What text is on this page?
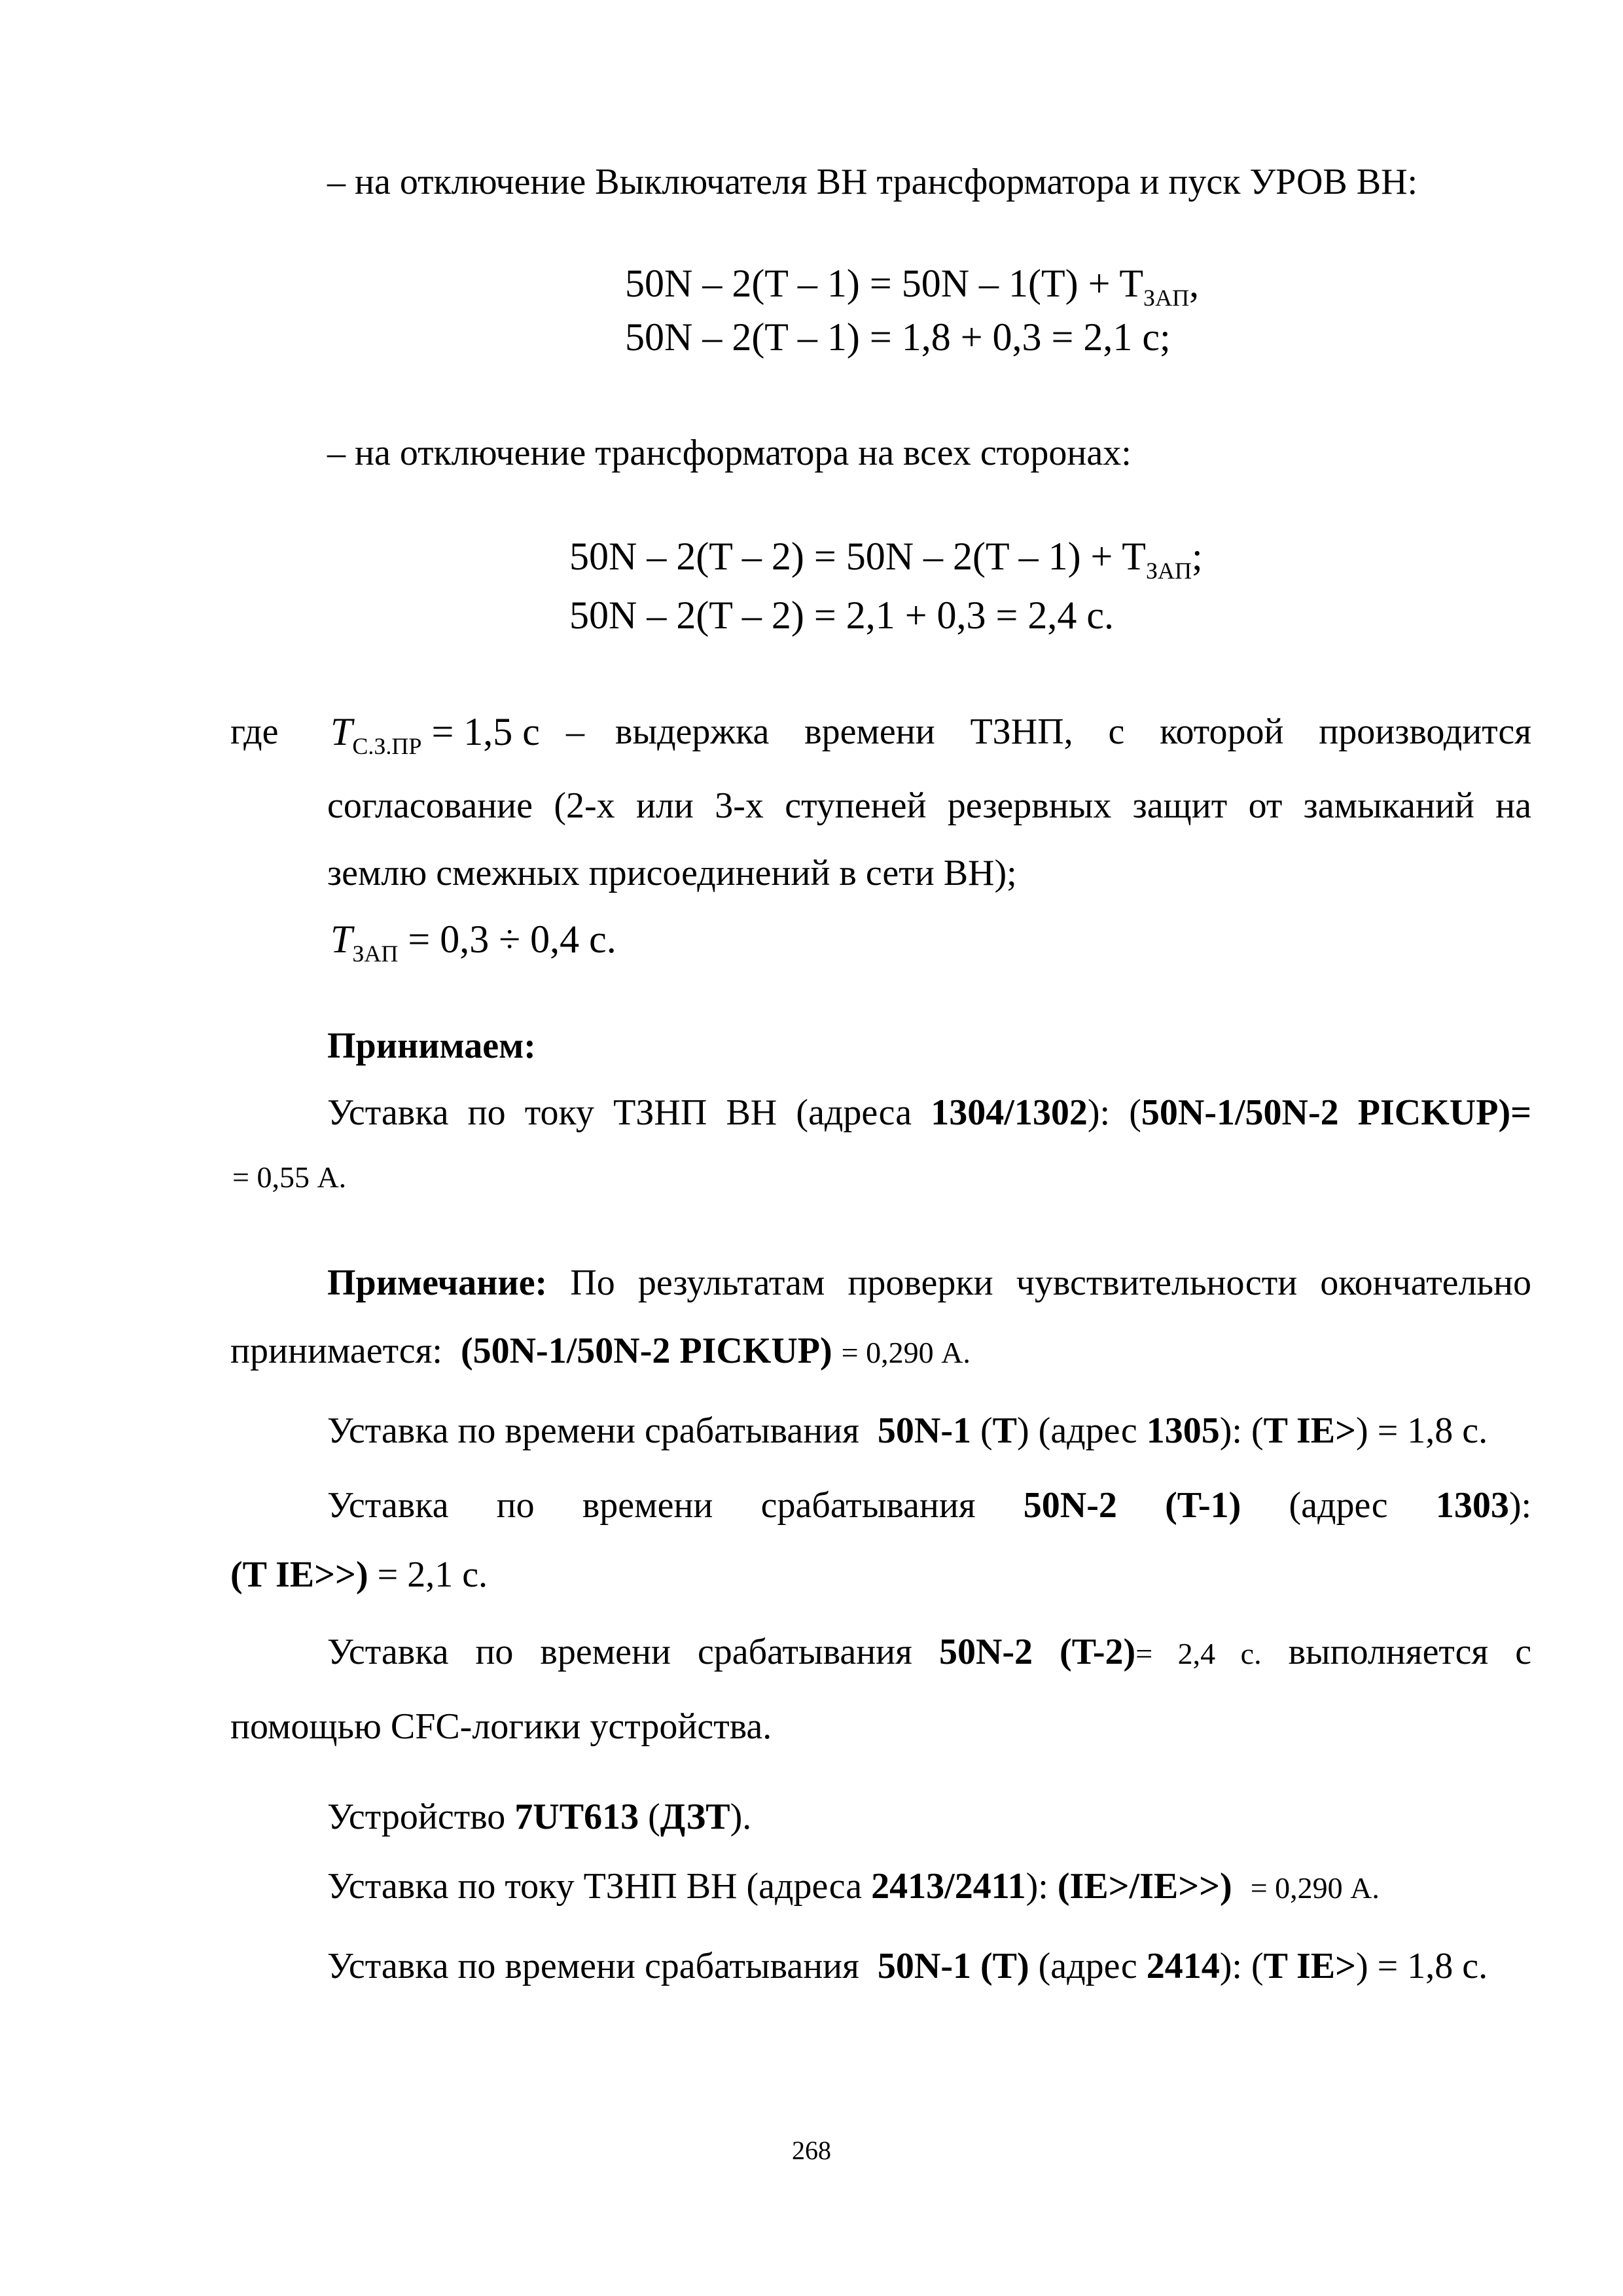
– на отключение Выключателя ВН трансформатора и пуск УРОВ ВН:
$50N - 2(T - 1) = 50N - 1(T) + T_{ЗАП}$,
50N – 2(T – 1) = 1,8 + 0,3 = 2,1 с;
– на отключение трансформатора на всех сторонах:
$50N - 2(T - 2) = 50N - 2(T - 1) + T_{ЗАП}$;
50N – 2(T – 2) = 2,1 + 0,3 = 2,4 с.
где $T_{С.З.ПР} = 1,5$ с – выдержка времени ТЗНП, с которой производится
согласование (2-х или 3-х ступеней резервных защит от замыканий на
землю смежных присоединений в сети ВН);
$T_{ЗАП} = 0,3 \div 0,4$ с.
Принимаем:
Уставка по току ТЗНП ВН (адреса 1304/1302): (50N-1/50N-2 PICKUP)=
= 0,55 А.
Примечание: По результатам проверки чувствительности окончательно
принимается: (50N-1/50N-2 PICKUP) = 0,290 А.
Уставка по времени срабатывания 50N-1 (T) (адрес 1305): (T IE>) = 1,8 с.
Уставка по времени срабатывания 50N-2 (T-1) (адрес 1303):
(T IE>>) = 2,1 с.
Уставка по времени срабатывания 50N-2 (T-2)= 2,4 с. выполняется с
помощью CFC-логики устройства.
Устройство 7UT613 (ДЗТ).
Уставка по току ТЗНП ВН (адреса 2413/2411): (IE>/IE>>) = 0,290 А.
Уставка по времени срабатывания 50N-1 (T) (адрес 2414): (T IE>) = 1,8 с.
268
